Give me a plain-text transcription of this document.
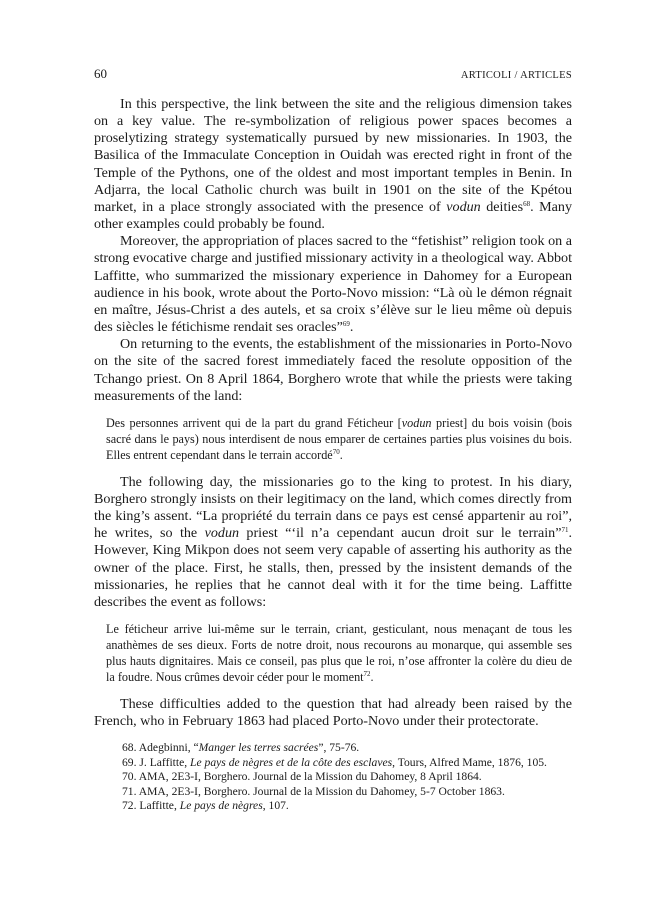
60	ARTICOLI / ARTICLES

In this perspective, the link between the site and the religious dimension takes on a key value. The re-symbolization of religious power spaces becomes a proselytizing strategy systematically pursued by new missionaries. In 1903, the Basilica of the Immaculate Conception in Ouidah was erected right in front of the Temple of the Pythons, one of the oldest and most important temples in Benin. In Adjarra, the local Catholic church was built in 1901 on the site of the Kpétou market, in a place strongly associated with the presence of vodun deities$^{68}$. Many other examples could probably be found.

Moreover, the appropriation of places sacred to the “fetishist” religion took on a strong evocative charge and justified missionary activity in a theological way. Abbot Laffitte, who summarized the missionary experience in Dahomey for a European audience in his book, wrote about the Porto-Novo mission: “Là où le démon régnait en maître, Jésus-Christ a des autels, et sa croix s’élève sur le lieu même où depuis des siècles le fétichisme rendait ses oracles”$^{69}$.

On returning to the events, the establishment of the missionaries in Porto-Novo on the site of the sacred forest immediately faced the resolute opposition of the Tchango priest. On 8 April 1864, Borghero wrote that while the priests were taking measurements of the land:

Des personnes arrivent qui de la part du grand Féticheur [vodun priest] du bois voisin (bois sacré dans le pays) nous interdisent de nous emparer de certaines parties plus voisines du bois. Elles entrent cependant dans le terrain accordé$^{70}$.

The following day, the missionaries go to the king to protest. In his diary, Borghero strongly insists on their legitimacy on the land, which comes directly from the king’s assent. “La propriété du terrain dans ce pays est censé appartenir au roi”, he writes, so the vodun priest “‘il n’a cependant aucun droit sur le terrain”$^{71}$. However, King Mikpon does not seem very capable of asserting his authority as the owner of the place. First, he stalls, then, pressed by the insistent demands of the missionaries, he replies that he cannot deal with it for the time being. Laffitte describes the event as follows:

Le féticheur arrive lui-même sur le terrain, criant, gesticulant, nous menaçant de tous les anathèmes de ses dieux. Forts de notre droit, nous recourons au monarque, qui assemble ses plus hauts dignitaires. Mais ce conseil, pas plus que le roi, n’ose affronter la colère du dieu de la foudre. Nous crûmes devoir céder pour le moment$^{72}$.

These difficulties added to the question that had already been raised by the French, who in February 1863 had placed Porto-Novo under their protectorate.

68. Adegbinni, “Manger les terres sacrées”, 75-76.

69. J. Laffitte, Le pays de nègres et de la côte des esclaves, Tours, Alfred Mame, 1876, 105.

70. AMA, 2E3-I, Borghero. Journal de la Mission du Dahomey, 8 April 1864.

71. AMA, 2E3-I, Borghero. Journal de la Mission du Dahomey, 5-7 October 1863.

72. Laffitte, Le pays de nègres, 107.
